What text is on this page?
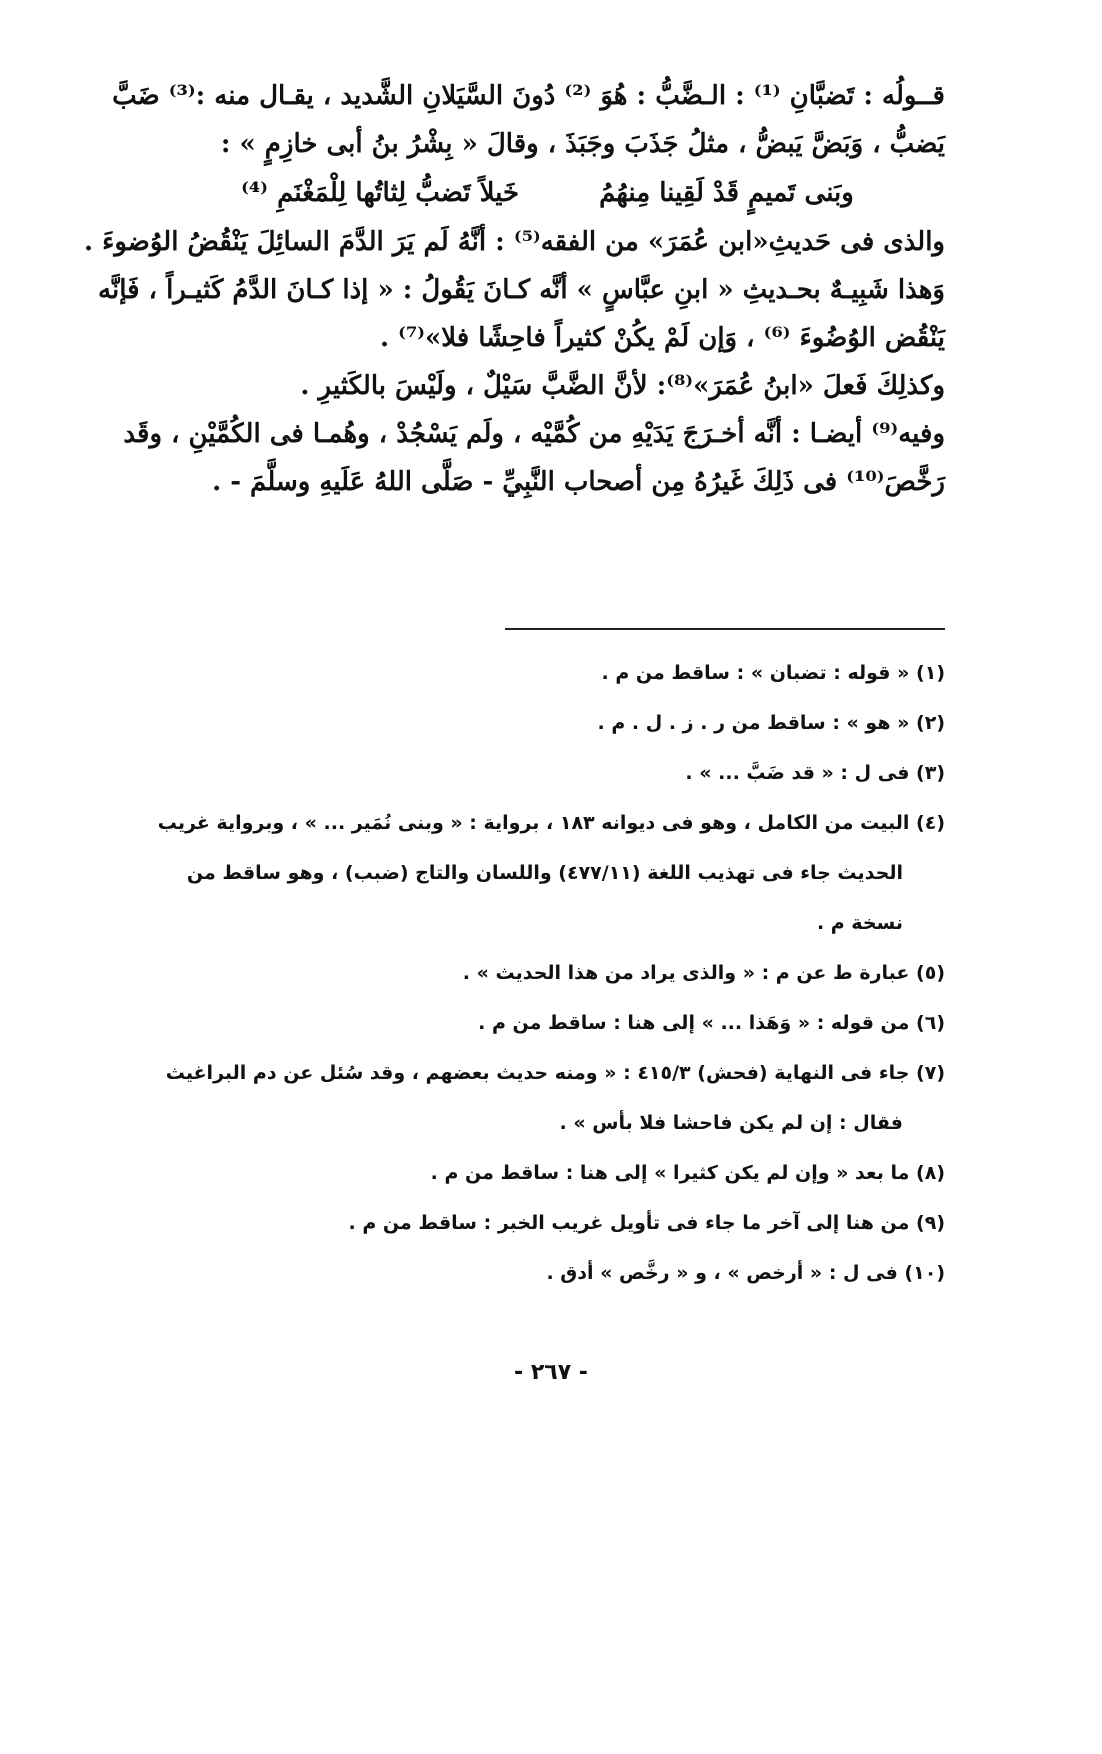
قــولُه : تَضبَّانِ ⁽¹⁾ : الـضَّبُّ : هُوَ ⁽²⁾ دُونَ السَّيَلانِ الشَّديد ، يقـال منه :⁽³⁾ ضَبَّ
يَضبُّ ، وَبَضَّ يَبضُّ ، مثلُ جَذَبَ وجَبَذَ ، وقالَ « بِشْرُ بنُ أبى خازِمٍ » :
وبَنى تَميمٍ قَدْ لَقِينا مِنهُمُ
خَيلاً تَضبُّ لِثاتُها لِلْمَغْنَمِ ⁽⁴⁾
والذى فى حَديثِ«ابن عُمَرَ» من الفقه⁽⁵⁾ : أنَّهُ لَم يَرَ الدَّمَ السائِلَ يَنْقُضُ الوُضوءَ .
وَهذا شَبِيـهٌ بحـديثِ « ابنِ عبَّاسٍ » أنَّه كـانَ يَقُولُ : « إذا كـانَ الدَّمُ كَثيـراً ، فَإنَّه
يَنْقُض الوُضُوءَ ⁽⁶⁾ ، وَإن لَمْ يكُنْ كثيراً فاحِشًا فلا»⁽⁷⁾ .
وكذلِكَ فَعلَ «ابنُ عُمَرَ»⁽⁸⁾: لأنَّ الضَّبَّ سَيْلٌ ، ولَيْسَ بالكَثيرِ .
وفيه⁽⁹⁾ أيضـا : أنَّه أخـرَجَ يَدَيْهِ من كُمَّيْه ، ولَم يَسْجُدْ ، وهُمـا فى الكُمَّيْنِ ، وقَد
رَخَّصَ⁽¹⁰⁾ فى ذَلِكَ غَيرُهُ مِن أصحاب النَّبِيِّ - صَلَّى اللهُ عَلَيهِ وسلَّمَ - .
(١) « قوله : تضبان » : ساقط من م .
(٢) « هو » : ساقط من ر . ز . ل . م .
(٣) فى ل : « قد ضَبَّ ... » .
(٤) البيت من الكامل ، وهو فى ديوانه ١٨٣ ، برواية : « وبنى نُمَير ... » ، وبرواية غريب
الحديث جاء فى تهذيب اللغة (٤٧٧/١١) واللسان والتاج (ضبب) ، وهو ساقط من
نسخة م .
(٥) عبارة ط عن م : « والذى يراد من هذا الحديث » .
(٦) من قوله : « وَهَذا ... » إلى هنا : ساقط من م .
(٧) جاء فى النهاية (فحش) ٤١٥/٣ : « ومنه حديث بعضهم ، وقد سُئل عن دم البراغيث
فقال : إن لم يكن فاحشا فلا بأس » .
(٨) ما بعد « وإن لم يكن كثيرا » إلى هنا : ساقط من م .
(٩) من هنا إلى آخر ما جاء فى تأويل غريب الخبر : ساقط من م .
(١٠) فى ل : « أرخص » ، و « رخَّص » أدق .
- ٢٦٧ -
